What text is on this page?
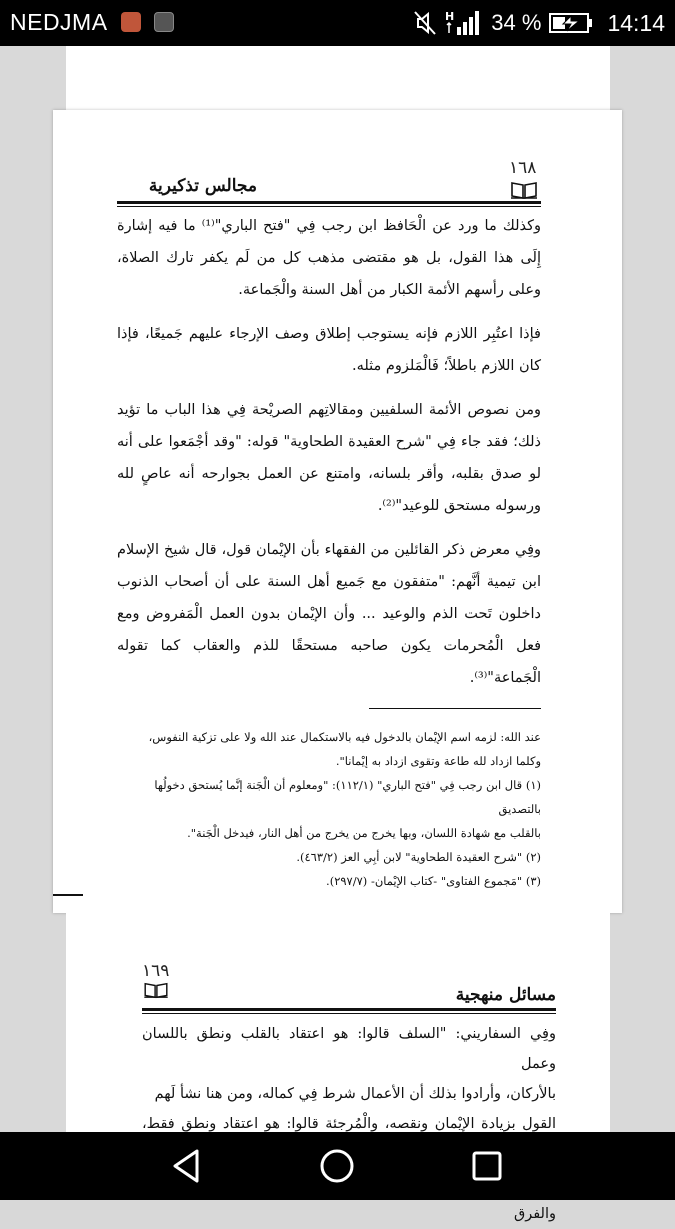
NEDJMA	H 34 %	14:14
١٦٨
مجالس تذكيرية

وكذلك ما ورد عن الْحَافظ ابن رجب فِي "فتح الباري"⁽¹⁾ ما فيه إشارة إِلَى هذا القول، بل هو مقتضى مذهب كل من لَم يكفر تارك الصلاة، وعلى رأسهم الأئمة الكبار من أهل السنة والْجَماعة.

فإذا اعتُبِر اللازم فإنه يستوجب إطلاق وصف الإرجاء عليهم جَميعًا، فإذا كان اللازم باطلاً؛ فَالْمَلزوم مثله.

ومن نصوص الأئمة السلفيين ومقالاتِهم الصريْحة فِي هذا الباب ما تؤيد ذلك؛ فقد جاء فِي "شرح العقيدة الطحاوية" قوله: "وقد أجْمَعوا على أنه لو صدق بقلبه، وأقر بلسانه، وامتنع عن العمل بجوارحه أنه عاصٍ لله ورسوله مستحق للوعيد"⁽²⁾.

وفِي معرض ذكر القائلين من الفقهاء بأن الإيْمان قول، قال شيخ الإسلام ابن تيمية أنَّهم: "متفقون مع جَميع أهل السنة على أن أصحاب الذنوب داخلون تَحت الذم والوعيد ... وأن الإيْمان بدون العمل الْمَفروض ومع فعل الْمُحرمات يكون صاحبه مستحقًا للذم والعقاب كما تقوله الْجَماعة"⁽³⁾.

عند الله: لزمه اسم الإيْمان بالدخول فيه بالاستكمال عند الله ولا على تزكية النفوس،
وكلما ازداد لله طاعة وتقوى ازداد به إيْمانا".
(١) قال ابن رجب فِي "فتح الباري" (١١٢/١): "ومعلوم أن الْجَنة إنَّما يُستحق دخولُها بالتصديق
بالقلب مع شهادة اللسان، وبها يخرج من يخرج من أهل النار، فيدخل الْجَنة".
(٢) "شرح العقيدة الطحاوية" لابن أبِي العز (٤٦٣/٢).
(٣) "مَجموع الفتاوى" -كتاب الإيْمان- (٢٩٧/٧).
١٦٩
مسائل منهجية
وفِي السفاريني: "السلف قالوا: هو اعتقاد بالقلب ونطق باللسان وعمل
بالأركان، وأرادوا بذلك أن الأعمال شرط فِي كماله، ومن هنا نشأ لَهم
القول بزيادة الإيْمان ونقصه، والْمُرجئة قالوا: هو اعتقاد ونطق فقط،
والفرق
